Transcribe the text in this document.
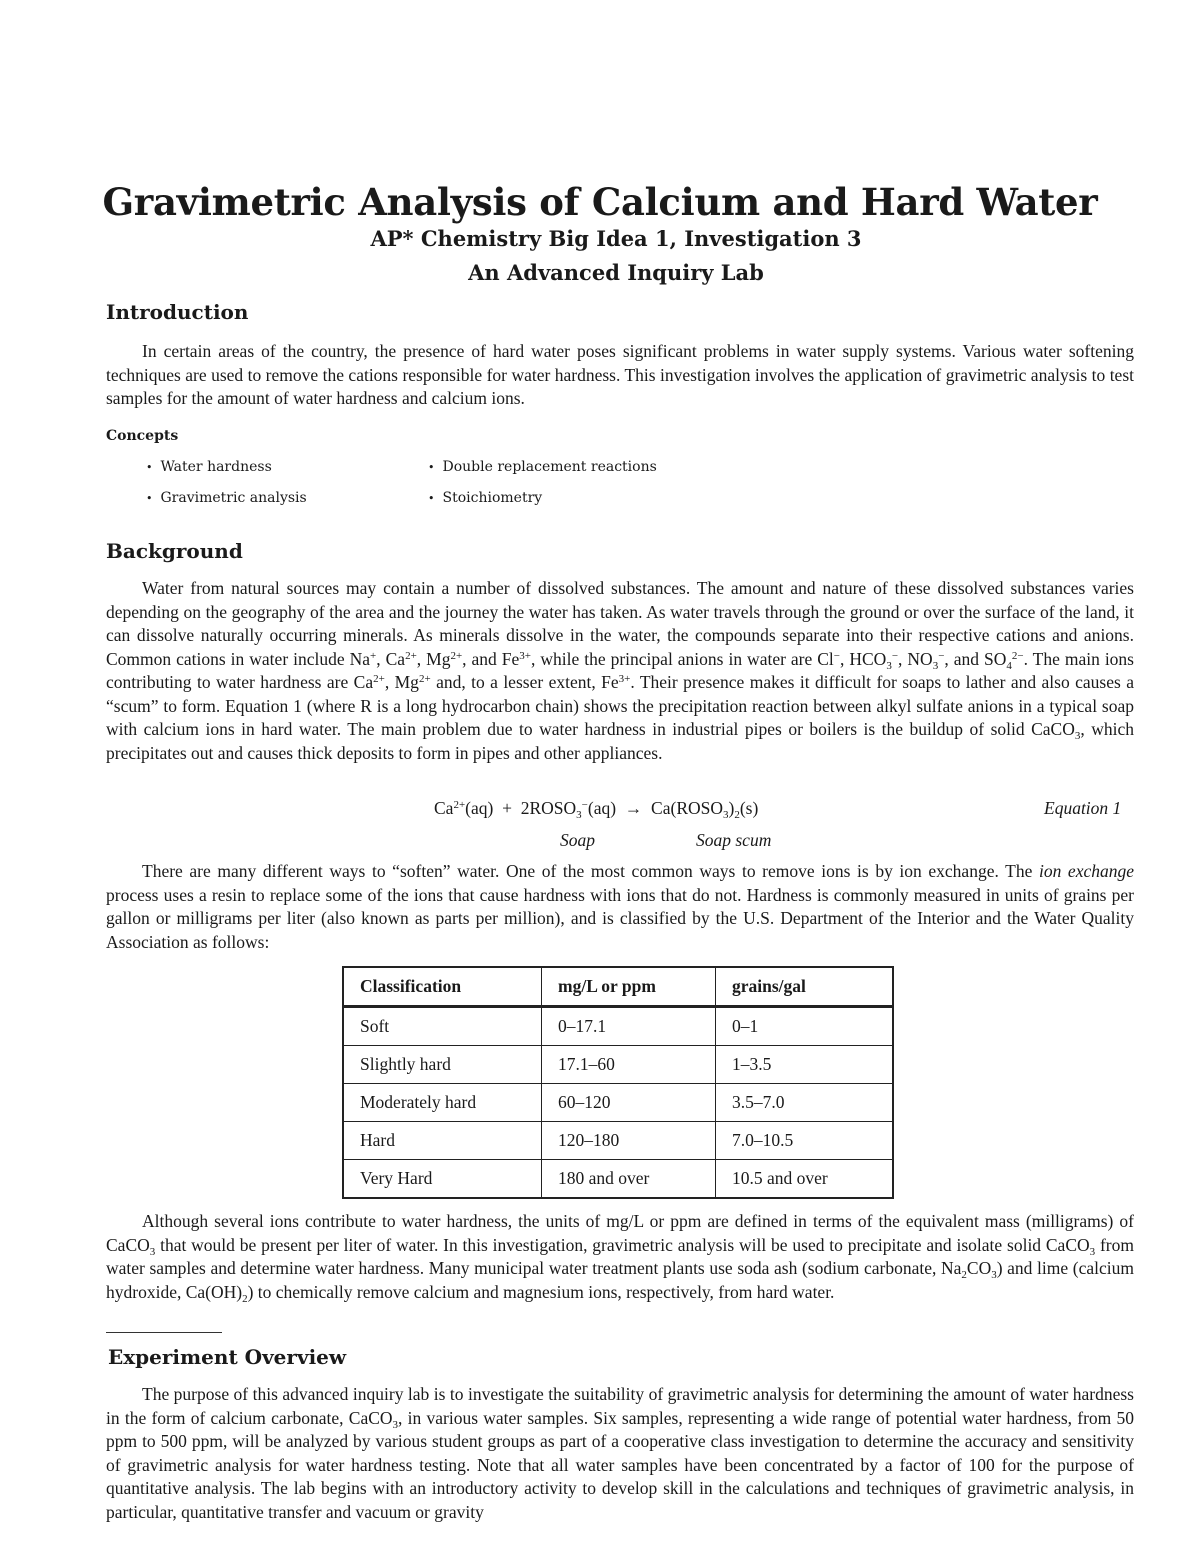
Gravimetric Analysis of Calcium and Hard Water

AP* Chemistry Big Idea 1, Investigation 3

An Advanced Inquiry Lab

Introduction

In certain areas of the country, the presence of hard water poses significant problems in water supply systems. Various water softening techniques are used to remove the cations responsible for water hardness. This investigation involves the application of gravimetric analysis to test samples for the amount of water hardness and calcium ions.

Concepts

• Water hardness	• Double replacement reactions

• Gravimetric analysis	• Stoichiometry

Background

Water from natural sources may contain a number of dissolved substances. The amount and nature of these dissolved substances varies depending on the geography of the area and the journey the water has taken. As water travels through the ground or over the surface of the land, it can dissolve naturally occurring minerals. As minerals dissolve in the water, the compounds separate into their respective cations and anions. Common cations in water include Na+, $Ca^{2+}$, $Mg^{2+}$, and $Fe^{3+}$, while the principal anions in water are Cl−, $HCO_3^-$, $NO_3^-$, and $SO_4^{2-}$. The main ions contributing to water hardness are $Ca^{2+}$, $Mg^{2+}$ and, to a lesser extent, $Fe^{3+}$. Their presence makes it difficult for soaps to lather and also causes a “scum” to form. Equation 1 (where R is a long hydrocarbon chain) shows the precipitation reaction between alkyl sulfate anions in a typical soap with calcium ions in hard water. The main problem due to water hardness in industrial pipes or boilers is the buildup of solid CaCO$_3$, which precipitates out and causes thick deposits to form in pipes and other appliances.

$Ca^{2+}(aq)$  +  $2ROSO_3^-(aq)$  →  $Ca(ROSO_3)_2(s)$	Equation 1
Soap	Soap scum

There are many different ways to “soften” water. One of the most common ways to remove ions is by ion exchange. The ion exchange process uses a resin to replace some of the ions that cause hardness with ions that do not. Hardness is commonly measured in units of grains per gallon or milligrams per liter (also known as parts per million), and is classified by the U.S. Department of the Interior and the Water Quality Association as follows:

Classification	mg/L or ppm	grains/gal
Soft	0–17.1	0–1
Slightly hard	17.1–60	1–3.5
Moderately hard	60–120	3.5–7.0
Hard	120–180	7.0–10.5
Very Hard	180 and over	10.5 and over

Although several ions contribute to water hardness, the units of mg/L or ppm are defined in terms of the equivalent mass (milligrams) of CaCO$_3$ that would be present per liter of water. In this investigation, gravimetric analysis will be used to precipitate and isolate solid CaCO$_3$ from water samples and determine water hardness. Many municipal water treatment plants use soda ash (sodium carbonate, $Na_2CO_3$) and lime (calcium hydroxide, $Ca(OH)_2$) to chemically remove calcium and magnesium ions, respectively, from hard water.

Experiment Overview

The purpose of this advanced inquiry lab is to investigate the suitability of gravimetric analysis for determining the amount of water hardness in the form of calcium carbonate, CaCO$_3$, in various water samples. Six samples, representing a wide range of potential water hardness, from 50 ppm to 500 ppm, will be analyzed by various student groups as part of a cooperative class investigation to determine the accuracy and sensitivity of gravimetric analysis for water hardness testing. Note that all water samples have been concentrated by a factor of 100 for the purpose of quantitative analysis. The lab begins with an introductory activity to develop skill in the calculations and techniques of gravimetric analysis, in particular, quantitative transfer and vacuum or gravity
